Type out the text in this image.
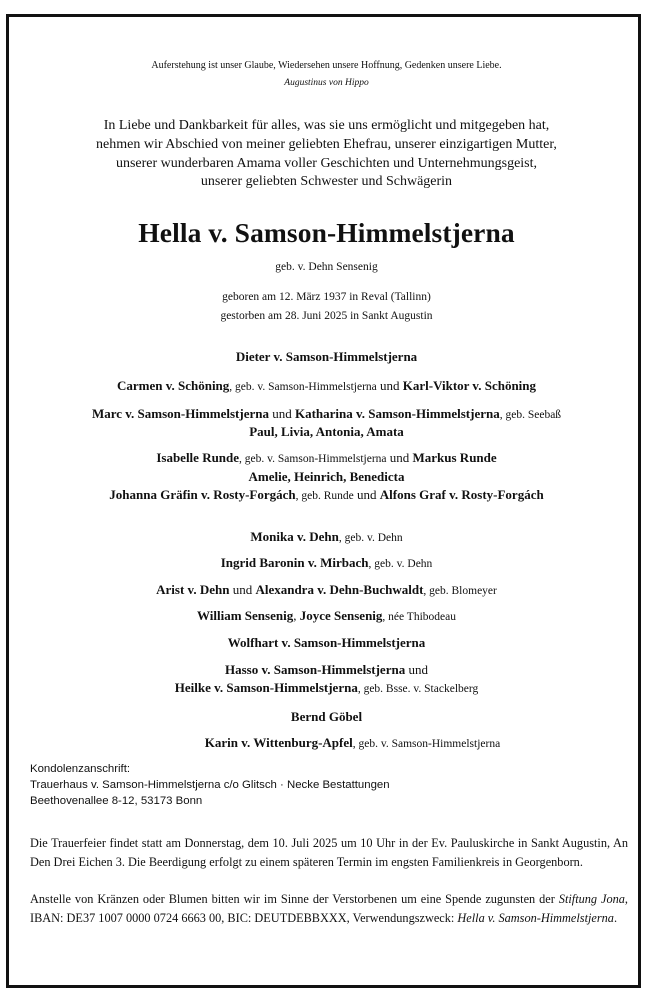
Auferstehung ist unser Glaube, Wiedersehen unsere Hoffnung, Gedenken unsere Liebe.
Augustinus von Hippo
In Liebe und Dankbarkeit für alles, was sie uns ermöglicht und mitgegeben hat,
nehmen wir Abschied von meiner geliebten Ehefrau, unserer einzigartigen Mutter,
unserer wunderbaren Amama voller Geschichten und Unternehmungsgeist,
unserer geliebten Schwester und Schwägerin
Hella v. Samson-Himmelstjerna
geb. v. Dehn Sensenig
geboren am 12. März 1937 in Reval (Tallinn)
gestorben am 28. Juni 2025 in Sankt Augustin
Dieter v. Samson-Himmelstjerna
Carmen v. Schöning, geb. v. Samson-Himmelstjerna und Karl-Viktor v. Schöning
Marc v. Samson-Himmelstjerna und Katharina v. Samson-Himmelstjerna, geb. Seebaß
Paul, Livia, Antonia, Amata
Isabelle Runde, geb. v. Samson-Himmelstjerna und Markus Runde
Amelie, Heinrich, Benedicta
Johanna Gräfin v. Rosty-Forgách, geb. Runde und Alfons Graf v. Rosty-Forgách
Monika v. Dehn, geb. v. Dehn
Ingrid Baronin v. Mirbach, geb. v. Dehn
Arist v. Dehn und Alexandra v. Dehn-Buchwaldt, geb. Blomeyer
William Sensenig, Joyce Sensenig, née Thibodeau
Wolfhart v. Samson-Himmelstjerna
Hasso v. Samson-Himmelstjerna und
Heilke v. Samson-Himmelstjerna, geb. Bsse. v. Stackelberg
Bernd Göbel
Karin v. Wittenburg-Apfel, geb. v. Samson-Himmelstjerna
Kondolenzanschrift:
Trauerhaus v. Samson-Himmelstjerna c/o Glitsch · Necke Bestattungen
Beethovenallee 8-12, 53173 Bonn
Die Trauerfeier findet statt am Donnerstag, dem 10. Juli 2025 um 10 Uhr in der Ev. Pauluskirche in Sankt Augustin, An Den Drei Eichen 3. Die Beerdigung erfolgt zu einem späteren Termin im engsten Familienkreis in Georgenborn.
Anstelle von Kränzen oder Blumen bitten wir im Sinne der Verstorbenen um eine Spende zugunsten der Stiftung Jona, IBAN: DE37 1007 0000 0724 6663 00, BIC: DEUTDEBBXXX, Verwendungszweck: Hella v. Samson-Himmelstjerna.
